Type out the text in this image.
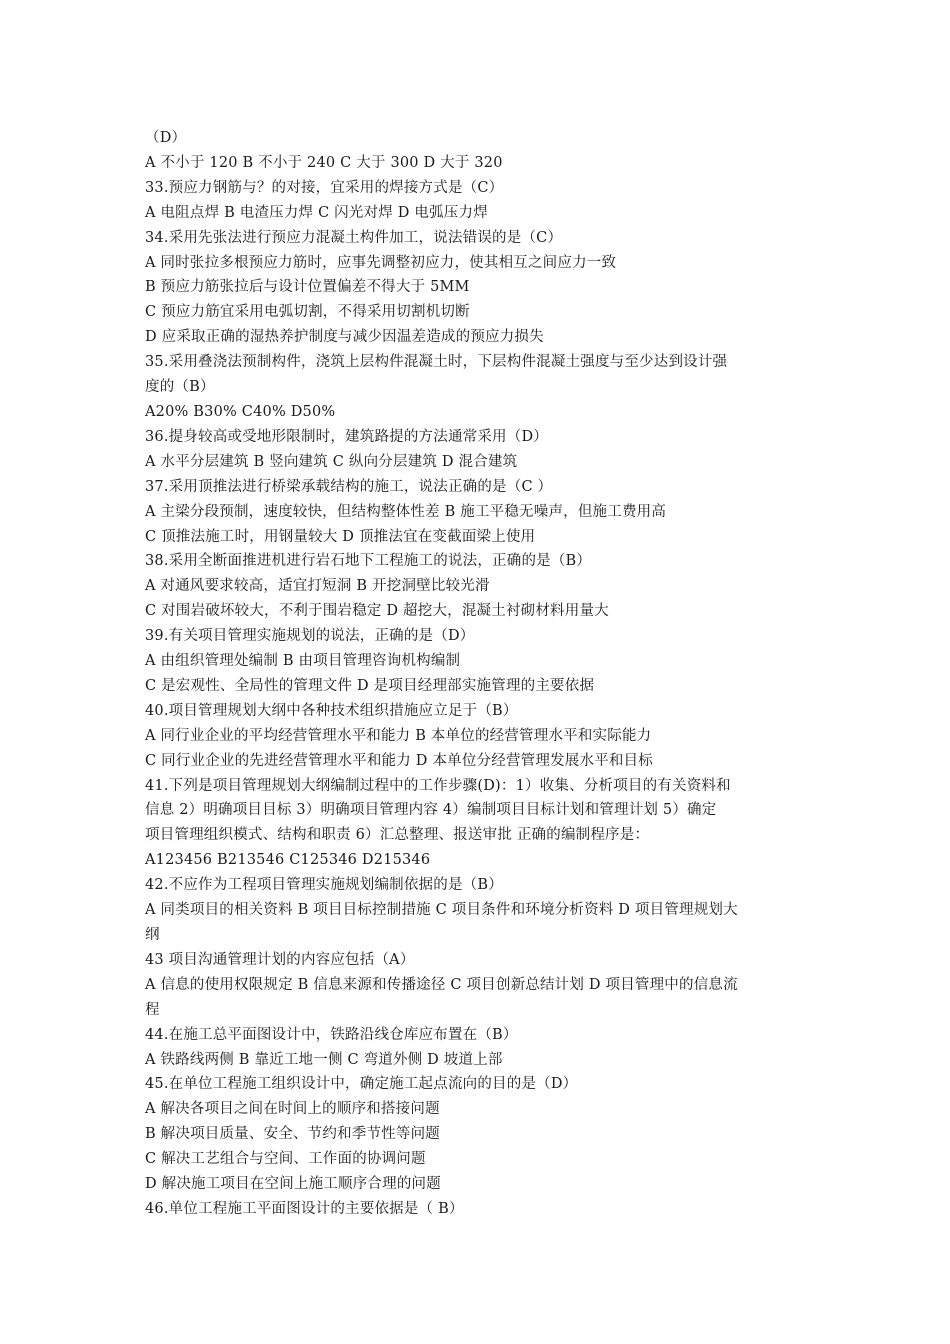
（D）
A 不小于 120 B 不小于 240 C 大于 300 D 大于 320
33.预应力钢筋与？的对接，宜采用的焊接方式是（C）
A 电阻点焊 B 电渣压力焊 C 闪光对焊 D 电弧压力焊
34.采用先张法进行预应力混凝土构件加工，说法错误的是（C）
A 同时张拉多根预应力筋时，应事先调整初应力，使其相互之间应力一致
B 预应力筋张拉后与设计位置偏差不得大于 5MM
C 预应力筋宜采用电弧切割，不得采用切割机切断
D 应采取正确的湿热养护制度与减少因温差造成的预应力损失
35.采用叠浇法预制构件，浇筑上层构件混凝土时，下层构件混凝土强度与至少达到设计强
度的（B）
A20% B30% C40% D50%
36.提身较高或受地形限制时，建筑路提的方法通常采用（D）
A 水平分层建筑 B 竖向建筑 C 纵向分层建筑 D 混合建筑
37.采用顶推法进行桥梁承载结构的施工，说法正确的是（C ）
A 主梁分段预制，速度较快，但结构整体性差 B 施工平稳无噪声，但施工费用高
C 顶推法施工时，用钢量较大 D 顶推法宜在变截面梁上使用
38.采用全断面推进机进行岩石地下工程施工的说法，正确的是（B）
A 对通风要求较高，适宜打短洞 B 开挖洞壁比较光滑
C 对围岩破坏较大，不利于围岩稳定 D 超挖大，混凝土衬砌材料用量大
39.有关项目管理实施规划的说法，正确的是（D）
A 由组织管理处编制 B 由项目管理咨询机构编制
C 是宏观性、全局性的管理文件 D 是项目经理部实施管理的主要依据
40.项目管理规划大纲中各种技术组织措施应立足于（B）
A 同行业企业的平均经营管理水平和能力 B 本单位的经营管理水平和实际能力
C 同行业企业的先进经营管理水平和能力 D 本单位分经营管理发展水平和目标
41.下列是项目管理规划大纲编制过程中的工作步骤(D)：1）收集、分析项目的有关资料和
信息 2）明确项目目标 3）明确项目管理内容 4）编制项目目标计划和管理计划 5）确定
项目管理组织模式、结构和职责 6）汇总整理、报送审批 正确的编制程序是：
A123456 B213546 C125346 D215346
42.不应作为工程项目管理实施规划编制依据的是（B）
A 同类项目的相关资料 B 项目目标控制措施 C 项目条件和环境分析资料 D 项目管理规划大
纲
43 项目沟通管理计划的内容应包括（A）
A 信息的使用权限规定 B 信息来源和传播途径 C 项目创新总结计划 D 项目管理中的信息流
程
44.在施工总平面图设计中，铁路沿线仓库应布置在（B）
A 铁路线两侧 B 靠近工地一侧 C 弯道外侧 D 坡道上部
45.在单位工程施工组织设计中，确定施工起点流向的目的是（D）
A 解决各项目之间在时间上的顺序和搭接问题
B 解决项目质量、安全、节约和季节性等问题
C 解决工艺组合与空间、工作面的协调问题
D 解决施工项目在空间上施工顺序合理的问题
46.单位工程施工平面图设计的主要依据是（ B）
